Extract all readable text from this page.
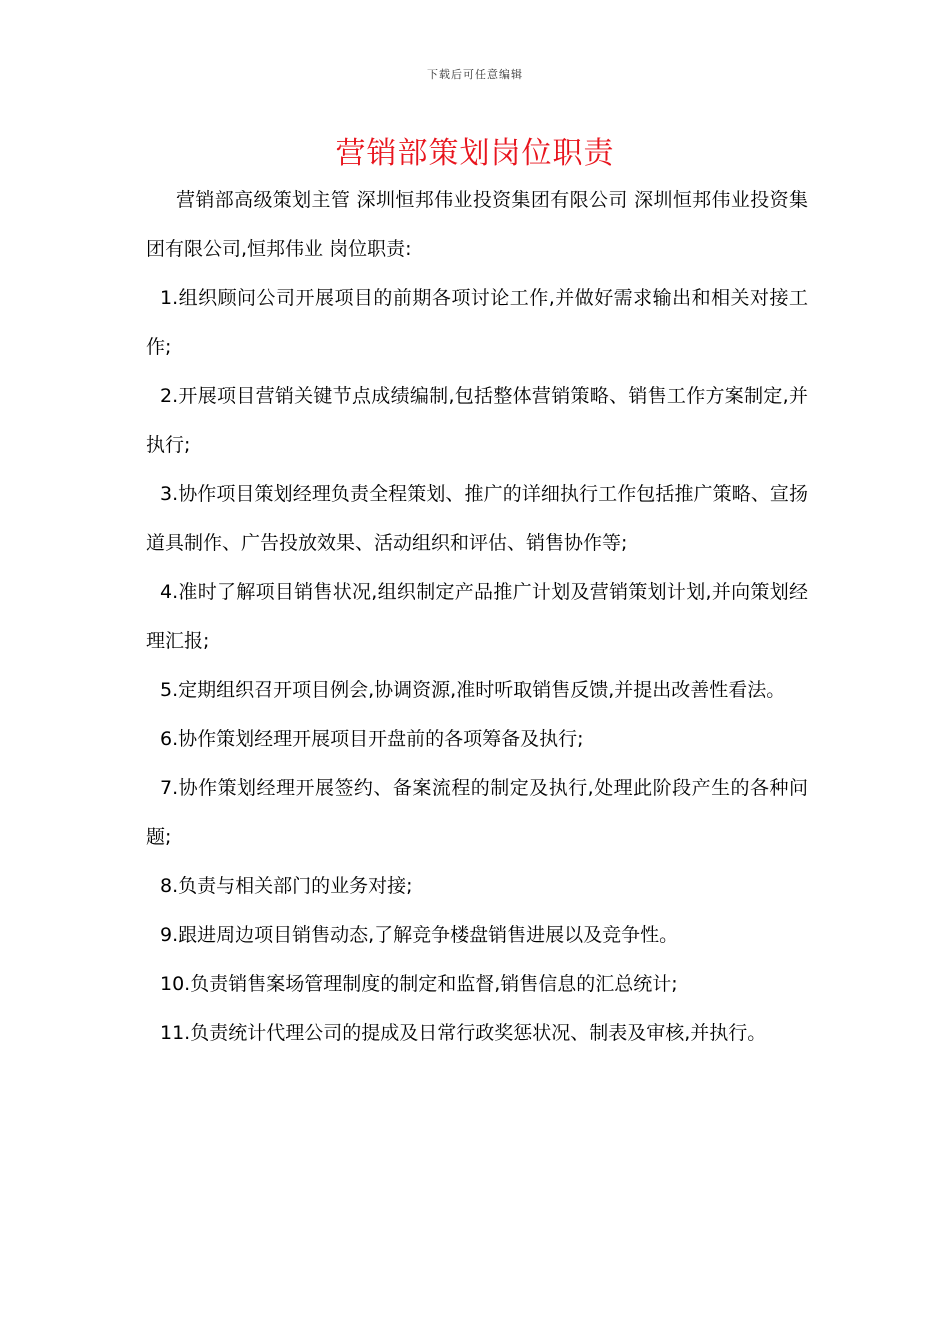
下载后可任意编辑
营销部策划岗位职责

营销部高级策划主管 深圳恒邦伟业投资集团有限公司 深圳恒邦伟业投资集团有限公司,恒邦伟业 岗位职责:

1.组织顾问公司开展项目的前期各项讨论工作,并做好需求输出和相关对接工作;

2.开展项目营销关键节点成绩编制,包括整体营销策略、销售工作方案制定,并执行;

3.协作项目策划经理负责全程策划、推广的详细执行工作包括推广策略、宣扬道具制作、广告投放效果、活动组织和评估、销售协作等;

4.准时了解项目销售状况,组织制定产品推广计划及营销策划计划,并向策划经理汇报;

5.定期组织召开项目例会,协调资源,准时听取销售反馈,并提出改善性看法。

6.协作策划经理开展项目开盘前的各项筹备及执行;

7.协作策划经理开展签约、备案流程的制定及执行,处理此阶段产生的各种问题;

8.负责与相关部门的业务对接;

9.跟进周边项目销售动态,了解竞争楼盘销售进展以及竞争性。

10.负责销售案场管理制度的制定和监督,销售信息的汇总统计;

11.负责统计代理公司的提成及日常行政奖惩状况、制表及审核,并执行。
